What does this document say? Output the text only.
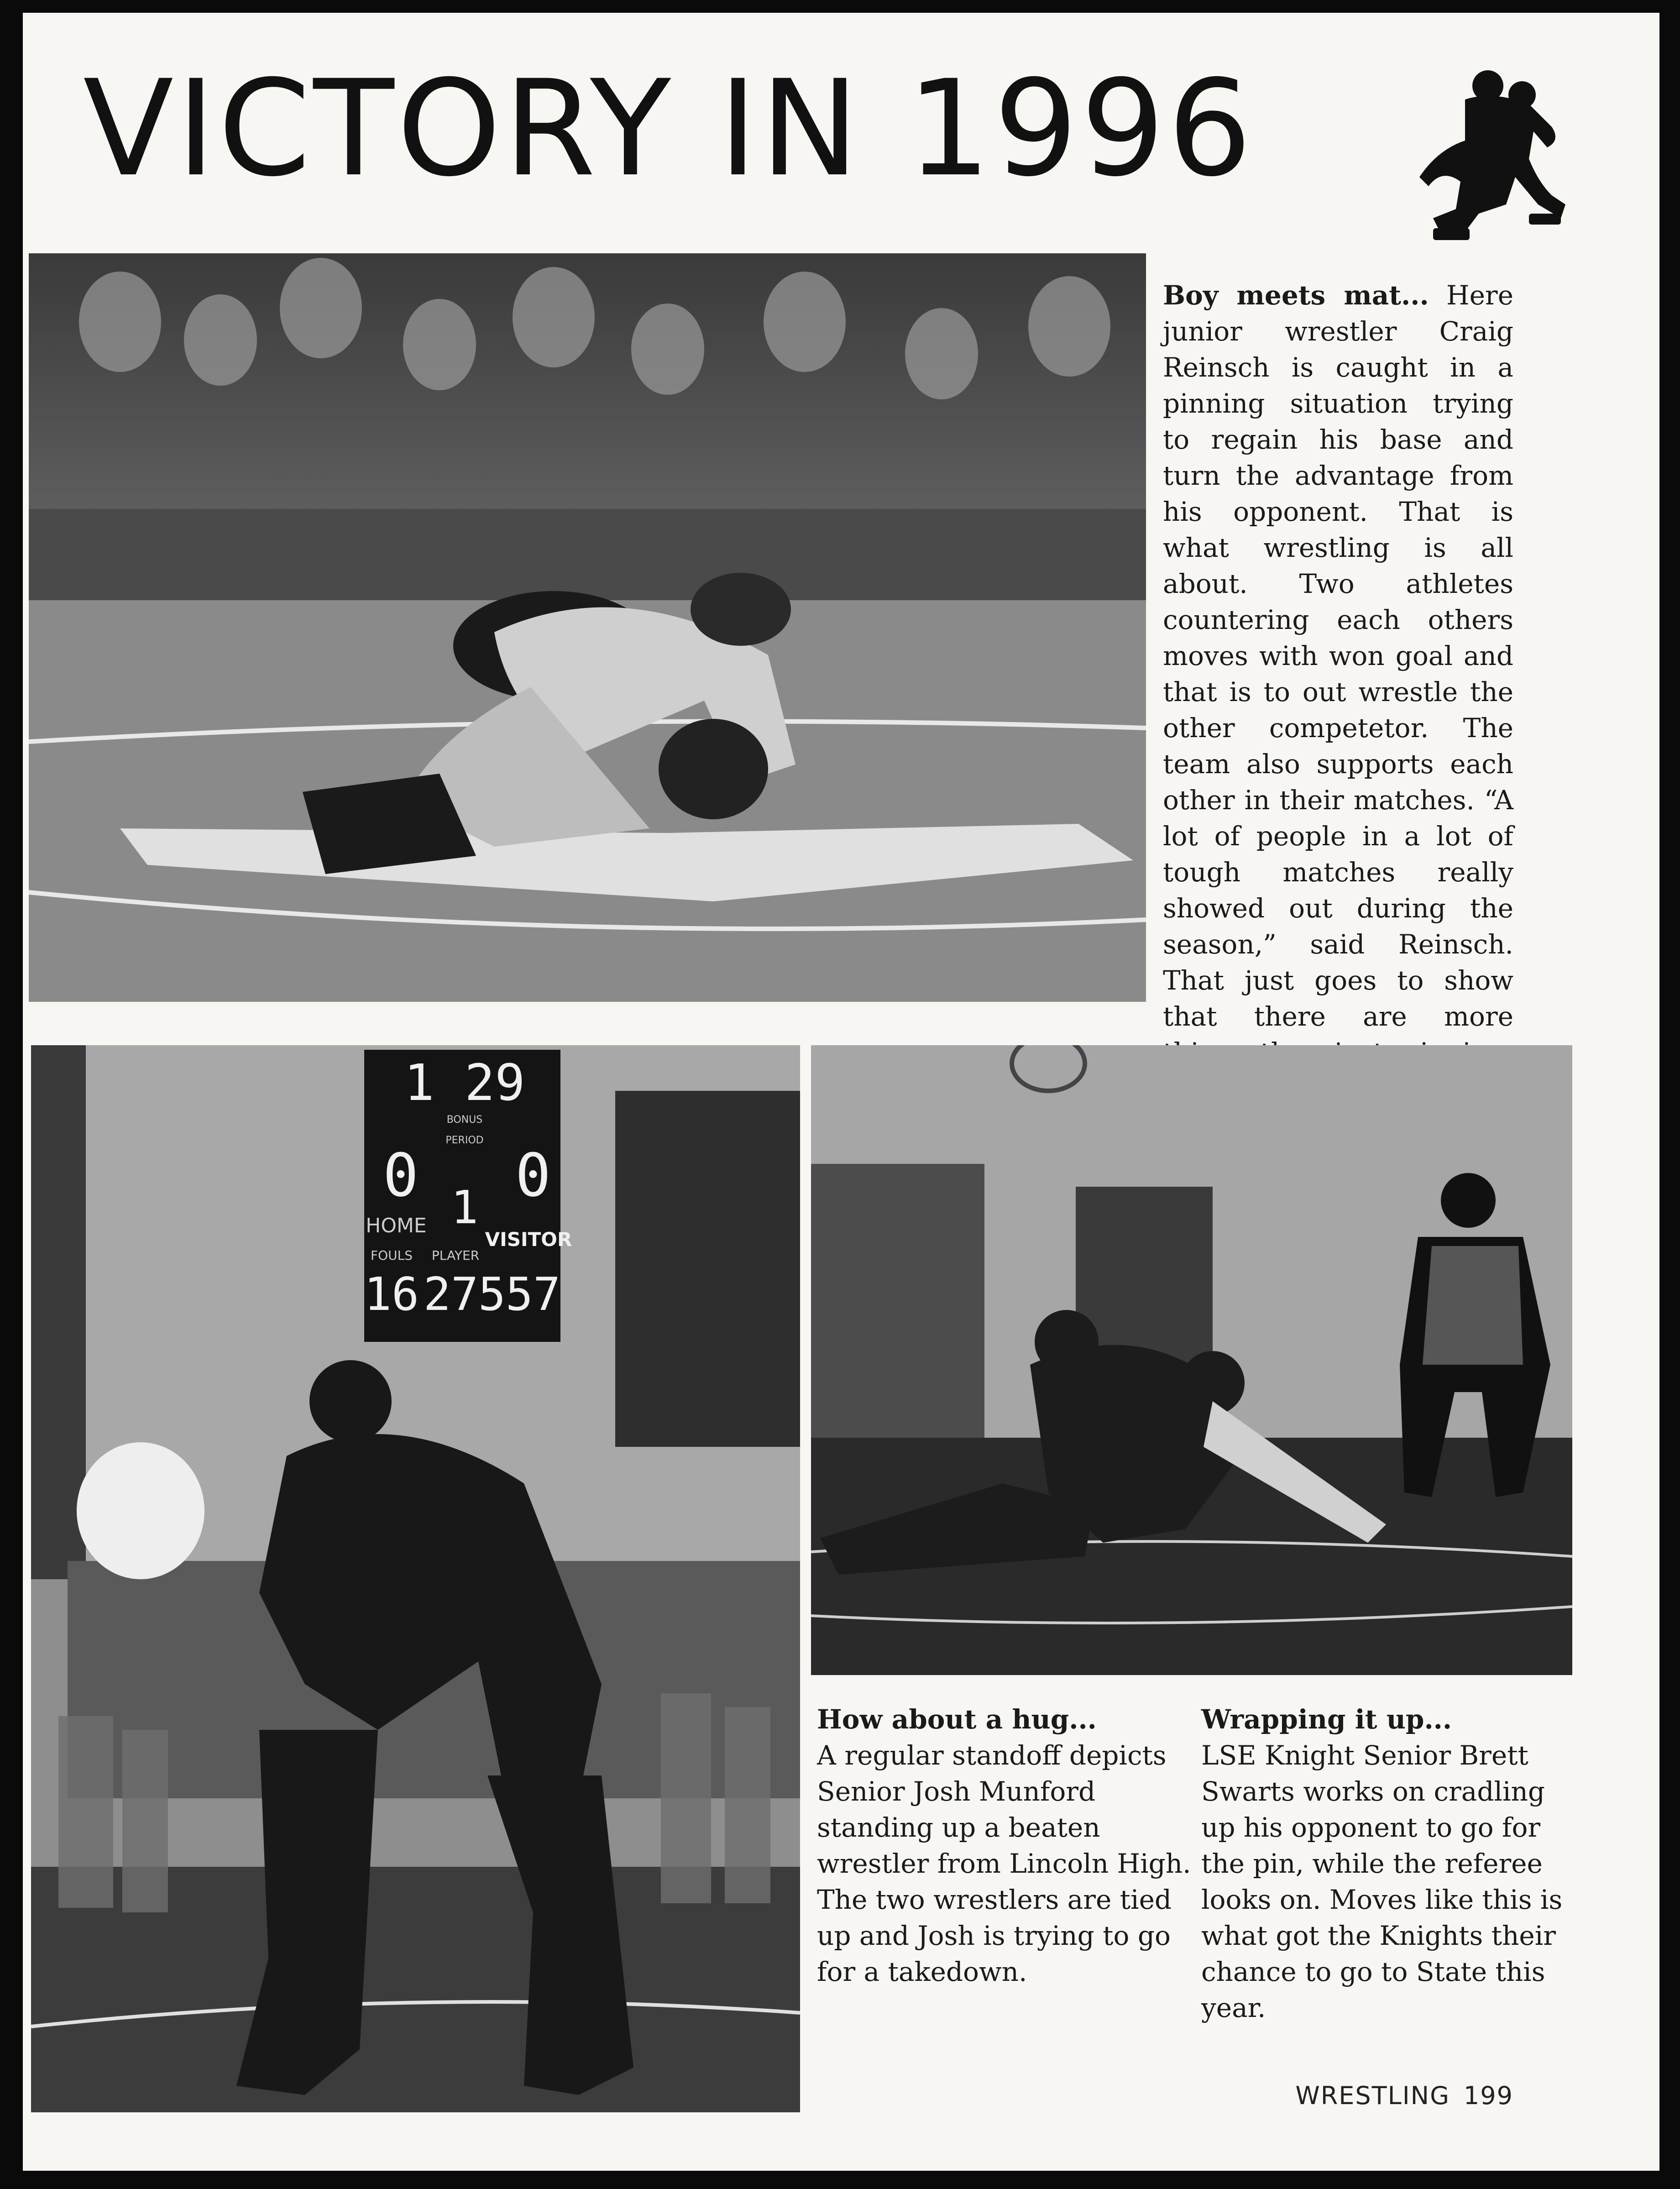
VICTORY IN 1996

Boy meets mat... Here junior wrestler Craig Reinsch is caught in a pinning situation trying to regain his base and turn the advantage from his opponent. That is what wrestling is all about. Two athletes countering each others moves with won goal and that is to out wrestle the other competetor. The team also supports each other in their matches. “A lot of people in a lot of tough matches really showed out during the season,” said Reinsch. That just goes to show that there are more

1 29
BONUS
PERIOD
0 0
1
HOME
VISITOR
FOULS PLAYER
16 27 5 57

How about a hug...
A regular standoff depicts Senior Josh Munford standing up a beaten wrestler from Lincoln High. The two wrestlers are tied up and Josh is trying to go for a takedown.

Wrapping it up...
LSE Knight Senior Brett Swarts works on cradling up his opponent to go for the pin, while the referee looks on. Moves like this is what got the Knights their chance to go to State this year.

WRESTLING 199
